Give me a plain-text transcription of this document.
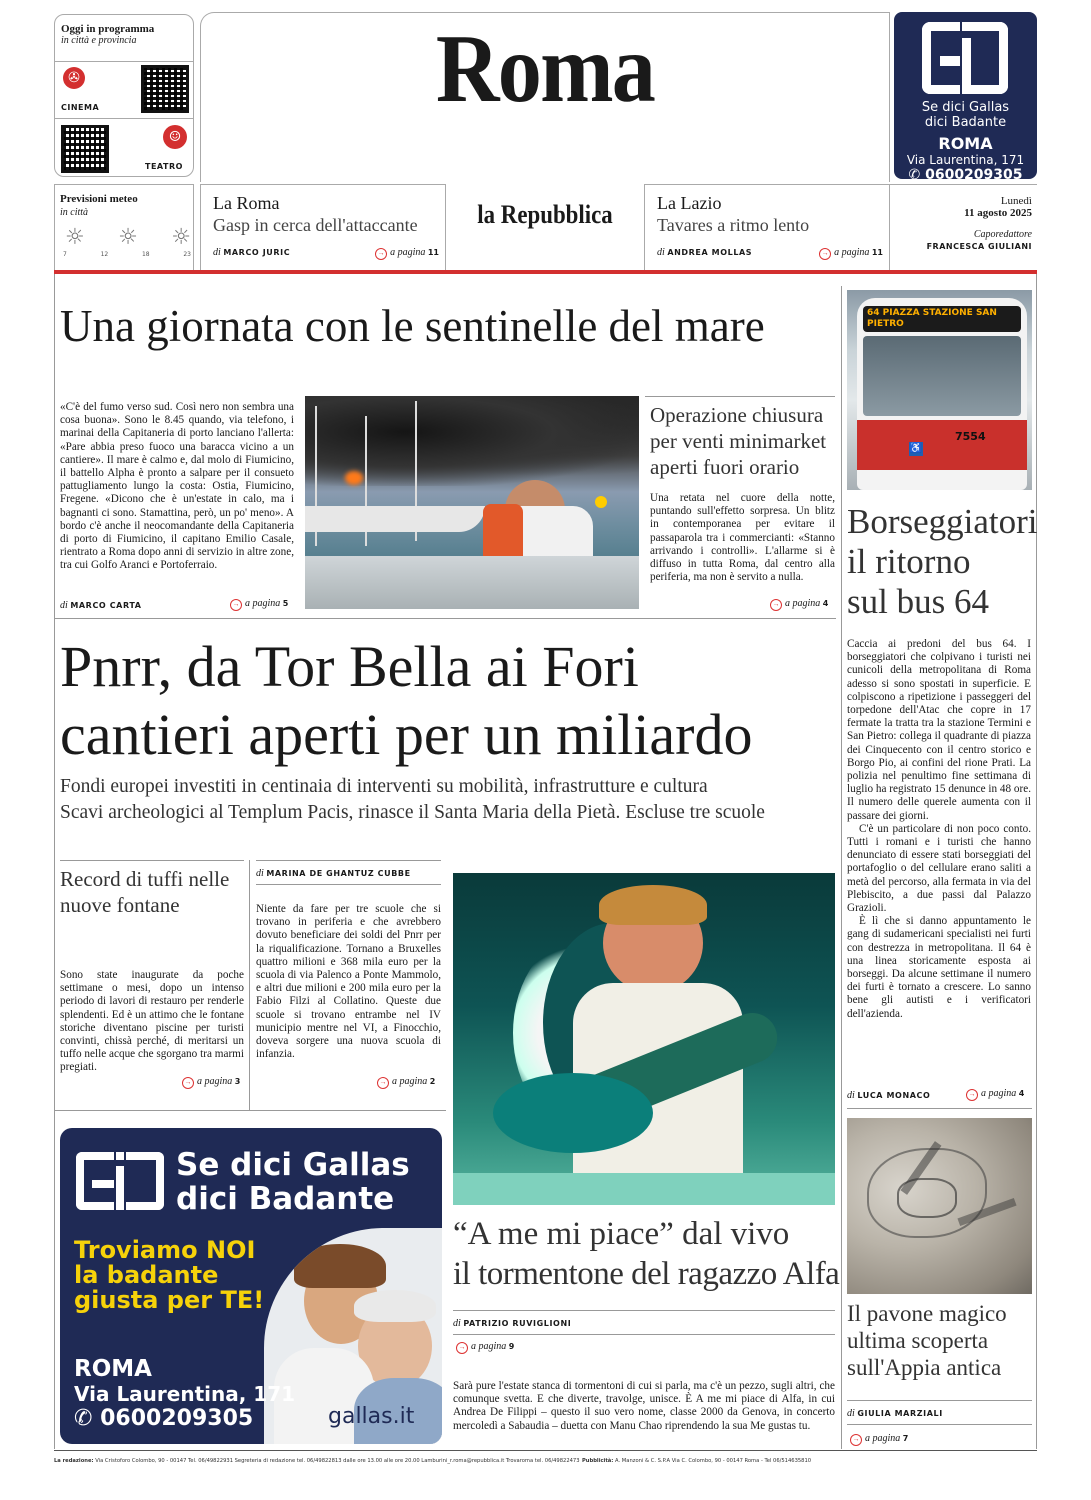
Oggi in programma
in città e provincia
✇
CINEMA
☺
TEATRO
Roma	Se dici Gallas
dici Badante
ROMA
Via Laurentina, 171
✆ 0600209305
Previsioni meteo
in città
☼ ☼ ☼
7	12	18	23
La Roma
Gasp in cerca dell'attaccante
di MARCO JURIC	→ a pagina 11
la Repubblica	La Lazio
Tavares a ritmo lento
di ANDREA MOLLAS	→ a pagina 11
Lunedì
11 agosto 2025
Caporedattore
FRANCESCA GIULIANI
Una giornata con le sentinelle del mare
«C'è del fumo verso sud. Così nero non sembra una cosa buona». Sono le 8.45 quando, via telefono, i marinai della Capitaneria di porto lanciano l'allerta: «Pare abbia preso fuoco una baracca vicino a un cantiere». Il mare è calmo e, dal molo di Fiumicino, il battello Alpha è pronto a salpare per il consueto pattugliamento lungo la costa: Ostia, Fiumicino, Fregene. «Dicono che è un'estate in calo, ma i bagnanti ci sono. Stamattina, però, un po' meno». A bordo c'è anche il neocomandante della Capitaneria di porto di Fiumicino, il capitano Emilio Casale, rientrato a Roma dopo anni di servizio in altre zone, tra cui Golfo Aranci e Portoferraio.
di MARCO CARTA	→ a pagina 5
Operazione chiusura per venti minimarket aperti fuori orario
Una retata nel cuore della notte, puntando sull'effetto sorpresa. Un blitz in contemporanea per evitare il passaparola tra i commercianti: «Stanno arrivando i controlli». L'allarme si è diffuso in tutta Roma, dal centro alla periferia, ma non è servito a nulla.
→ a pagina 4
Pnrr, da Tor Bella ai Fori
cantieri aperti per un miliardo
Fondi europei investiti in centinaia di interventi su mobilità, infrastrutture e cultura
Scavi archeologici al Templum Pacis, rinasce il Santa Maria della Pietà. Escluse tre scuole
Record di tuffi nelle nuove fontane
Sono state inaugurate da poche settimane o mesi, dopo un intenso periodo di lavori di restauro per renderle splendenti. Ed è un attimo che le fontane storiche diventano piscine per turisti convinti, chissà perché, di meritarsi un tuffo nelle acque che sgorgano tra marmi pregiati.
→ a pagina 3
di MARINA DE GHANTUZ CUBBE
Niente da fare per tre scuole che si trovano in periferia e che avrebbero dovuto beneficiare dei soldi del Pnrr per la riqualificazione. Tornano a Bruxelles quattro milioni e 368 mila euro per la scuola di via Palenco a Ponte Mammolo, e altri due milioni e 200 mila euro per la Fabio Filzi al Collatino. Queste due scuole si trovano entrambe nel IV municipio mentre nel VI, a Finocchio, doveva sorgere una nuova scuola di infanzia.
→ a pagina 2
Se dici Gallas
dici Badante
Troviamo NOI
la badante
giusta per TE!
ROMA
Via Laurentina, 171
✆ 0600209305	gallas.it
“A me mi piace” dal vivo
il tormentone del ragazzo Alfa
di PATRIZIO RUVIGLIONI
→ a pagina 9
Sarà pure l'estate stanca di tormentoni di cui si parla, ma c'è un pezzo, sugli altri, che comunque svetta. E che diverte, travolge, unisce. È A me mi piace di Alfa, in cui Andrea De Filippi – questo il suo vero nome, classe 2000 da Genova, in concerto mercoledì a Sabaudia – duetta con Manu Chao riprendendo la sua Me gustas tu.
64 PIAZZA STAZIONE SAN PIETRO
7554
♿
Borseggiatori
il ritorno
sul bus 64

Caccia ai predoni del bus 64. I borseggiatori che colpivano i turisti nei cunicoli della metropolitana di Roma adesso si sono spostati in superficie. E colpiscono a ripetizione i passeggeri del torpedone dell'Atac che copre in 17 fermate la tratta tra la stazione Termini e San Pietro: collega il quadrante di piazza dei Cinquecento con il centro storico e Borgo Pio, ai confini del rione Prati. La polizia nel penultimo fine settimana di luglio ha registrato 15 denunce in 48 ore. Il numero delle querele aumenta con il passare dei giorni.

C'è un particolare di non poco conto. Tutti i romani e i turisti che hanno denunciato di essere stati borseggiati del portafoglio o del cellulare erano saliti a metà del percorso, alla fermata in via del Plebiscito, a due passi dal Palazzo Grazioli.

È lì che si danno appuntamento le gang di sudamericani specialisti nei furti con destrezza in metropolitana. Il 64 è una linea storicamente esposta ai borseggi. Da alcune settimane il numero dei furti è tornato a crescere. Lo sanno bene gli autisti e i verificatori dell'azienda.

di LUCA MONACO	→ a pagina 4
Il pavone magico
ultima scoperta
sull'Appia antica
di GIULIA MARZIALI
→ a pagina 7
La redazione: Via Cristoforo Colombo, 90 - 00147 Tel. 06/49822931 Segreteria di redazione tel. 06/49822813 dalle ore 13.00 alle ore 20.00 Lamburini_r.roma@repubblica.it Trovaroma tel. 06/49822473 Pubblicità: A. Manzoni & C. S.P.A Via C. Colombo, 90 - 00147 Roma - Tel 06/514635810
